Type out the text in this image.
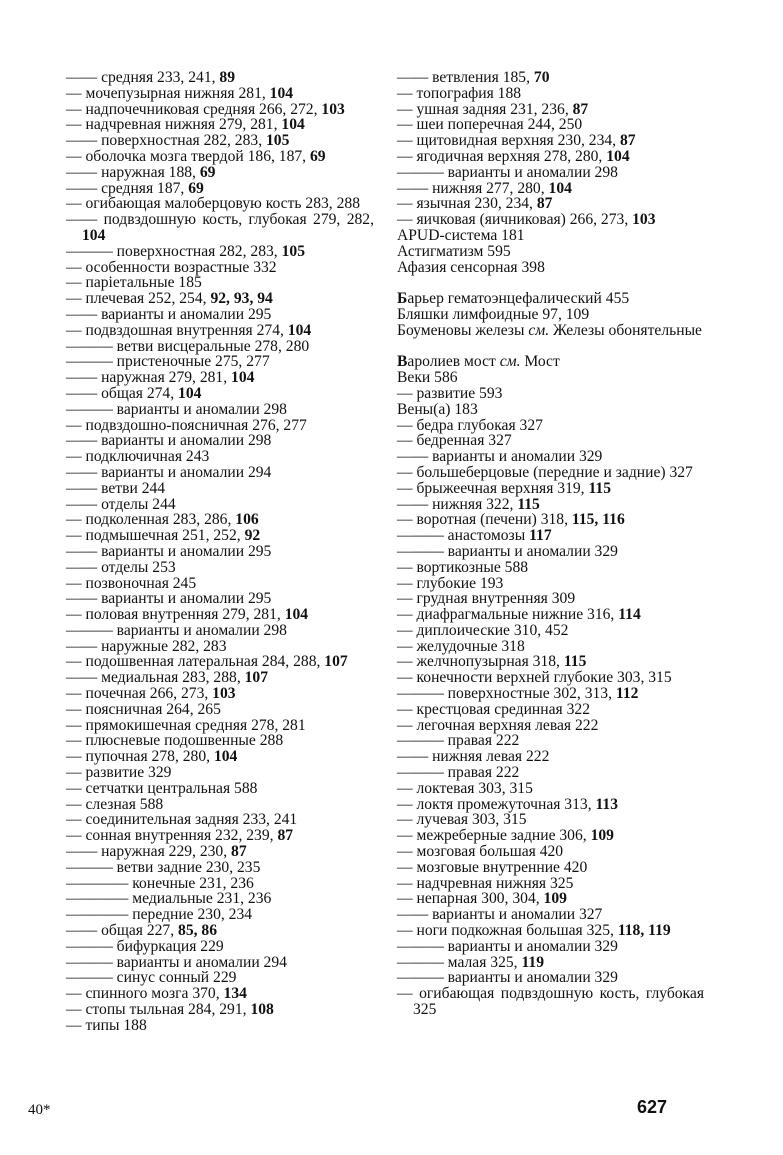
—— средняя 233, 241, 89

— мочепузырная нижняя 281, 104

— надпочечниковая средняя 266, 272, 103

— надчревная нижняя 279, 281, 104

—— поверхностная 282, 283, 105

— оболочка мозга твердой 186, 187, 69

—— наружная 188, 69

—— средняя 187, 69

— огибающая малоберцовую кость 283, 288

—— подвздошную кость, глубокая 279, 282, 104

——— поверхностная 282, 283, 105

— особенности возрастные 332

— парiетальные 185

— плечевая 252, 254, 92, 93, 94

—— варианты и аномалии 295

— подвздошная внутренняя 274, 104

——— ветви висцеральные 278, 280

——— пристеночные 275, 277

—— наружная 279, 281, 104

—— общая 274, 104

——— варианты и аномалии 298

— подвздошно-поясничная 276, 277

—— варианты и аномалии 298

— подключичная 243

—— варианты и аномалии 294

—— ветви 244

—— отделы 244

— подколенная 283, 286, 106

— подмышечная 251, 252, 92

—— варианты и аномалии 295

—— отделы 253

— позвоночная 245

—— варианты и аномалии 295

— половая внутренняя 279, 281, 104

——— варианты и аномалии 298

—— наружные 282, 283

— подошвенная латеральная 284, 288, 107

—— медиальная 283, 288, 107

— почечная 266, 273, 103

— поясничная 264, 265

— прямокишечная средняя 278, 281

— плюсневые подошвенные 288

— пупочная 278, 280, 104

— развитие 329

— сетчатки центральная 588

— слезная 588

— соединительная задняя 233, 241

— сонная внутренняя 232, 239, 87

—— наружная 229, 230, 87

——— ветви задние 230, 235

———— конечные 231, 236

———— медиальные 231, 236

———— передние 230, 234

—— общая 227, 85, 86

——— бифуркация 229

——— варианты и аномалии 294

——— синус сонный 229

— спинного мозга 370, 134

— стопы тыльная 284, 291, 108

— типы 188

—— ветвления 185, 70

— топография 188

— ушная задняя 231, 236, 87

— шеи поперечная 244, 250

— щитовидная верхняя 230, 234, 87

— ягодичная верхняя 278, 280, 104

——— варианты и аномалии 298

—— нижняя 277, 280, 104

— язычная 230, 234, 87

— яичковая (яичниковая) 266, 273, 103

APUD-система 181

Астигматизм 595

Афазия сенсорная 398

Барьер гематоэнцефалический 455

Бляшки лимфоидные 97, 109

Боуменовы железы см. Железы обонятельные

Варолиев мост см. Мост

Веки 586

— развитие 593

Вены(а) 183

— бедра глубокая 327

— бедренная 327

—— варианты и аномалии 329

— большеберцовые (передние и задние) 327

— брыжеечная верхняя 319, 115

—— нижняя 322, 115

— воротная (печени) 318, 115, 116

——— анастомозы 117

——— варианты и аномалии 329

— вортикозные 588

— глубокие 193

— грудная внутренняя 309

— диафрагмальные нижние 316, 114

— диплоические 310, 452

— желудочные 318

— желчнопузырная 318, 115

— конечности верхней глубокие 303, 315

——— поверхностные 302, 313, 112

— крестцовая срединная 322

— легочная верхняя левая 222

——— правая 222

—— нижняя левая 222

——— правая 222

— локтевая 303, 315

— локтя промежуточная 313, 113

— лучевая 303, 315

— межреберные задние 306, 109

— мозговая большая 420

— мозговые внутренние 420

— надчревная нижняя 325

— непарная 300, 304, 109

—— варианты и аномалии 327

— ноги подкожная большая 325, 118, 119

——— варианты и аномалии 329

——— малая 325, 119

——— варианты и аномалии 329

— огибающая подвздошную кость, глубокая 325

40*	627
